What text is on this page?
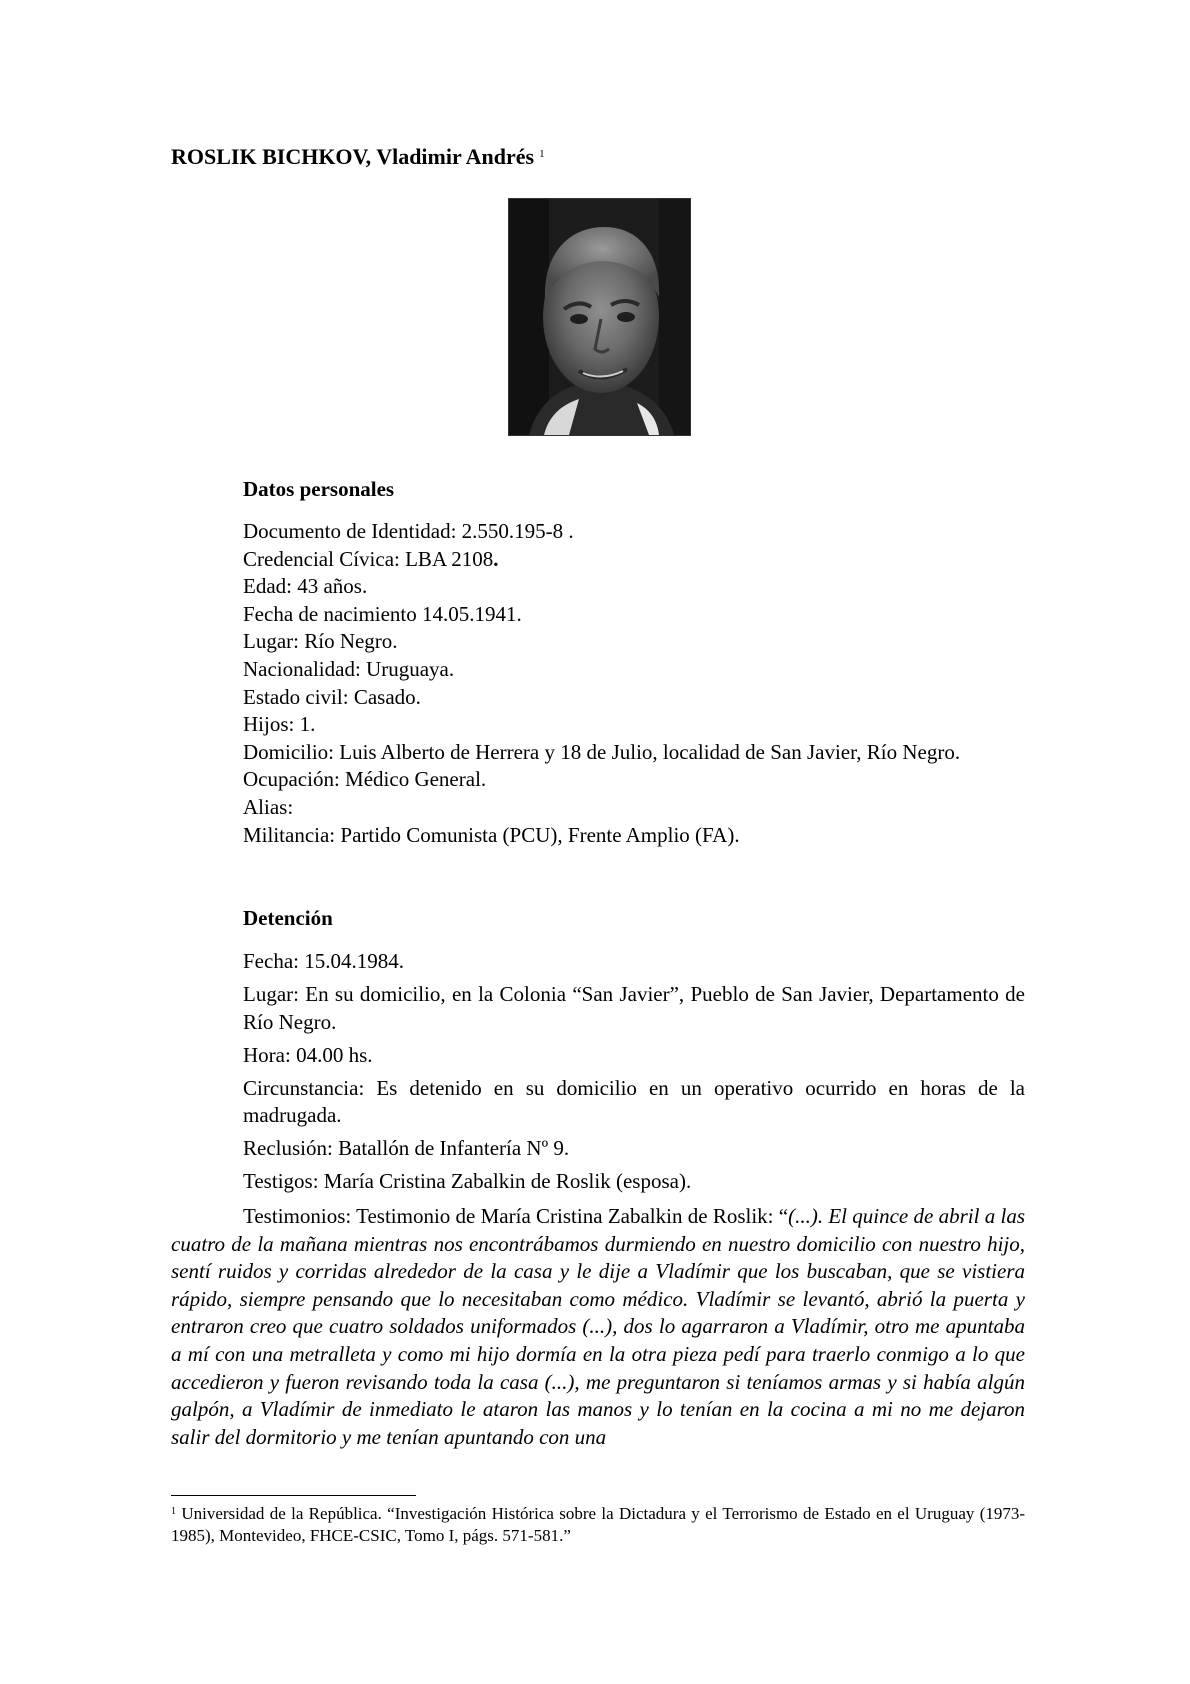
ROSLIK BICHKOV, Vladimir Andrés $^1$
Datos personales
Documento de Identidad: 2.550.195-8 .
Credencial Cívica: LBA 2108.
Edad: 43 años.
Fecha de nacimiento 14.05.1941.
Lugar: Río Negro.
Nacionalidad: Uruguaya.
Estado civil: Casado.
Hijos: 1.
Domicilio: Luis Alberto de Herrera y 18 de Julio, localidad de San Javier, Río Negro.
Ocupación: Médico General.
Alias:
Militancia: Partido Comunista (PCU), Frente Amplio (FA).
Detención

Fecha: 15.04.1984.

Lugar: En su domicilio, en la Colonia “San Javier”, Pueblo de San Javier, Departamento de Río Negro.

Hora: 04.00 hs.

Circunstancia: Es detenido en su domicilio en un operativo ocurrido en horas de la madrugada.

Reclusión: Batallón de Infantería Nº 9.

Testigos: María Cristina Zabalkin de Roslik (esposa).

Testimonios: Testimonio de María Cristina Zabalkin de Roslik: “(...). El quince de abril a las cuatro de la mañana mientras nos encontrábamos durmiendo en nuestro domicilio con nuestro hijo, sentí ruidos y corridas alrededor de la casa y le dije a Vladímir que los buscaban, que se vistiera rápido, siempre pensando que lo necesitaban como médico. Vladímir se levantó, abrió la puerta y entraron creo que cuatro soldados uniformados (...), dos lo agarraron a Vladímir, otro me apuntaba a mí con una metralleta y como mi hijo dormía en la otra pieza pedí para traerlo conmigo a lo que accedieron y fueron revisando toda la casa (...), me preguntaron si teníamos armas y si había algún galpón, a Vladímir de inmediato le ataron las manos y lo tenían en la cocina a mi no me dejaron salir del dormitorio y me tenían apuntando con una

$^1$ Universidad de la República. “Investigación Histórica sobre la Dictadura y el Terrorismo de Estado en el Uruguay (1973-1985), Montevideo, FHCE-CSIC, Tomo I, págs. 571-581.”
